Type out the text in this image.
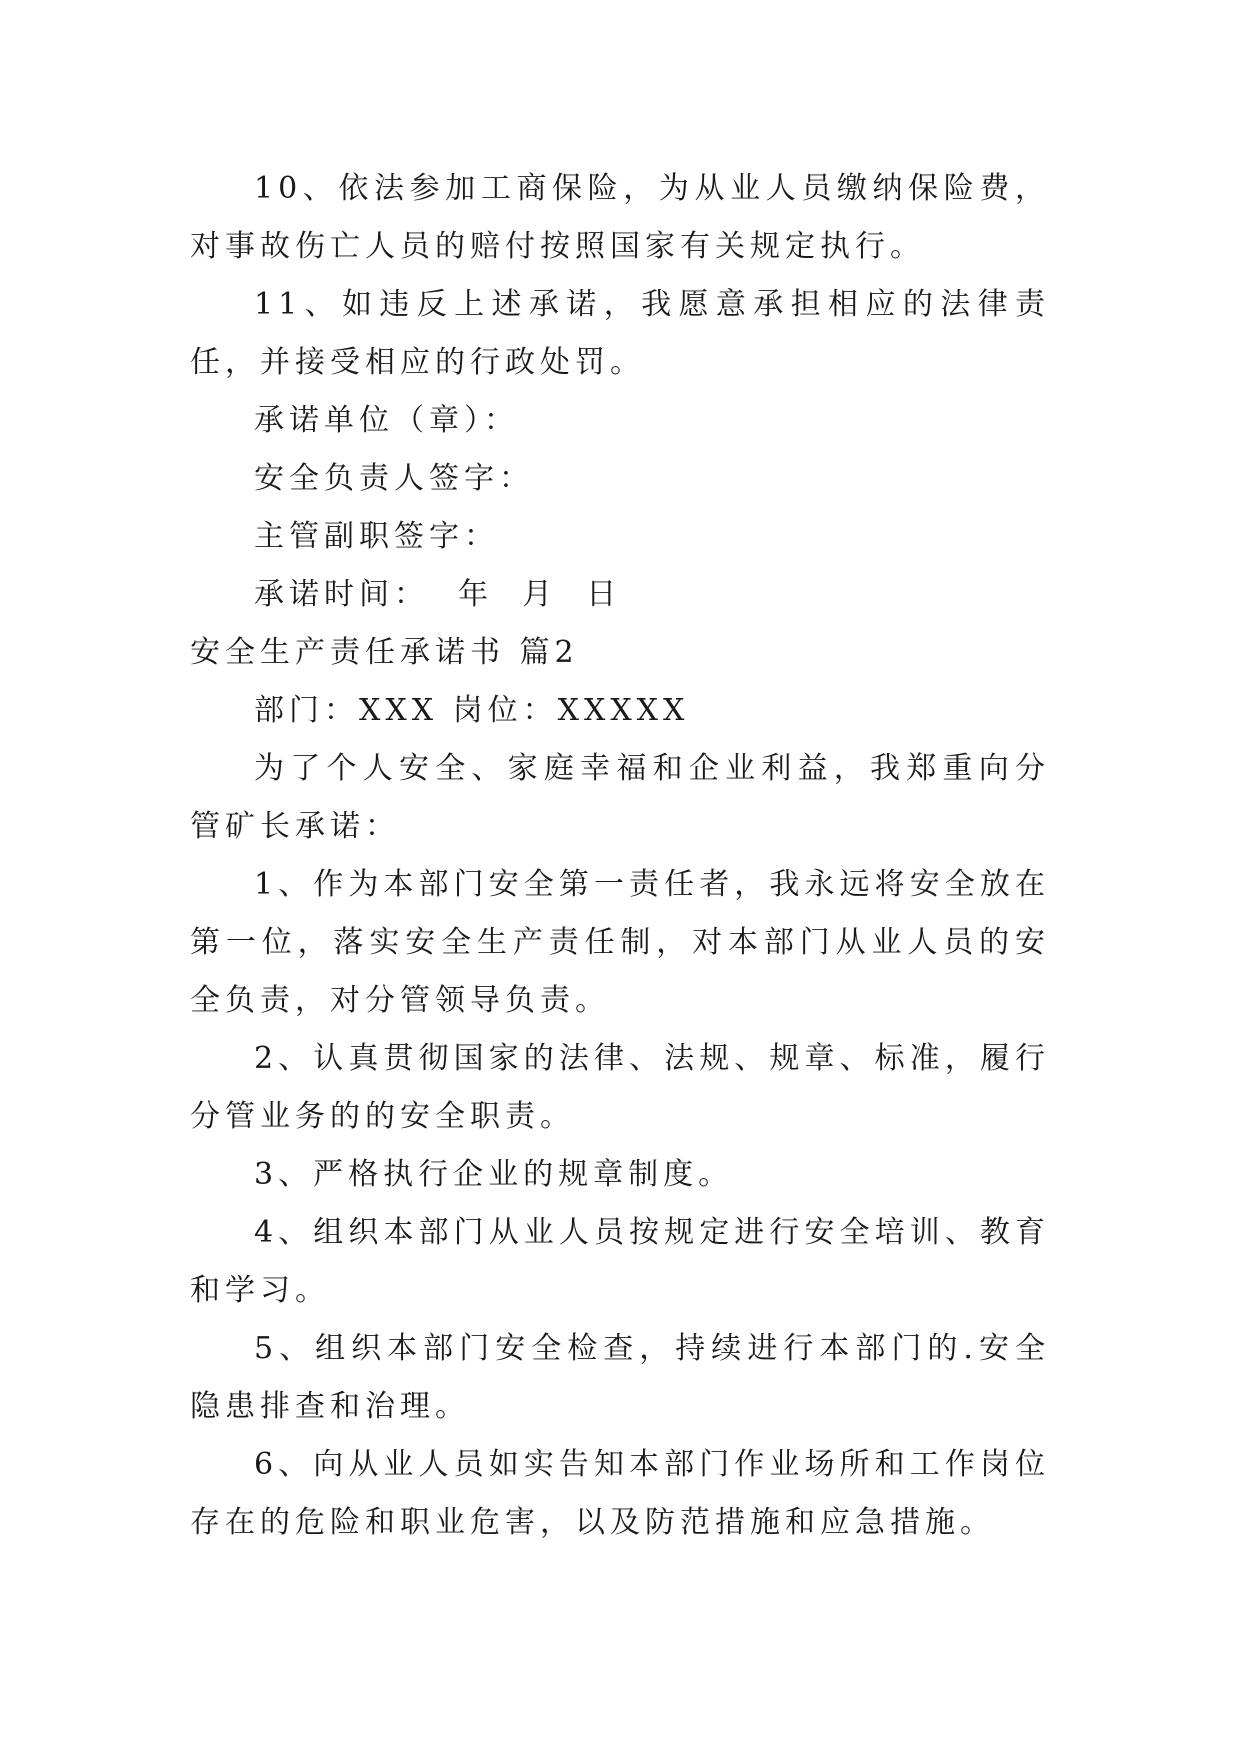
10、依法参加工商保险，为从业人员缴纳保险费，对事故伤亡人员的赔付按照国家有关规定执行。

11、如违反上述承诺，我愿意承担相应的法律责任，并接受相应的行政处罚。

承诺单位（章）：

安全负责人签字：

主管副职签字：

承诺时间：  年  月  日

安全生产责任承诺书 篇2

部门：XXX 岗位：XXXXX

为了个人安全、家庭幸福和企业利益，我郑重向分管矿长承诺：

1、作为本部门安全第一责任者，我永远将安全放在第一位，落实安全生产责任制，对本部门从业人员的安全负责，对分管领导负责。

2、认真贯彻国家的法律、法规、规章、标准，履行分管业务的的安全职责。

3、严格执行企业的规章制度。

4、组织本部门从业人员按规定进行安全培训、教育和学习。

5、组织本部门安全检查，持续进行本部门的.安全隐患排查和治理。

6、向从业人员如实告知本部门作业场所和工作岗位存在的危险和职业危害，以及防范措施和应急措施。
